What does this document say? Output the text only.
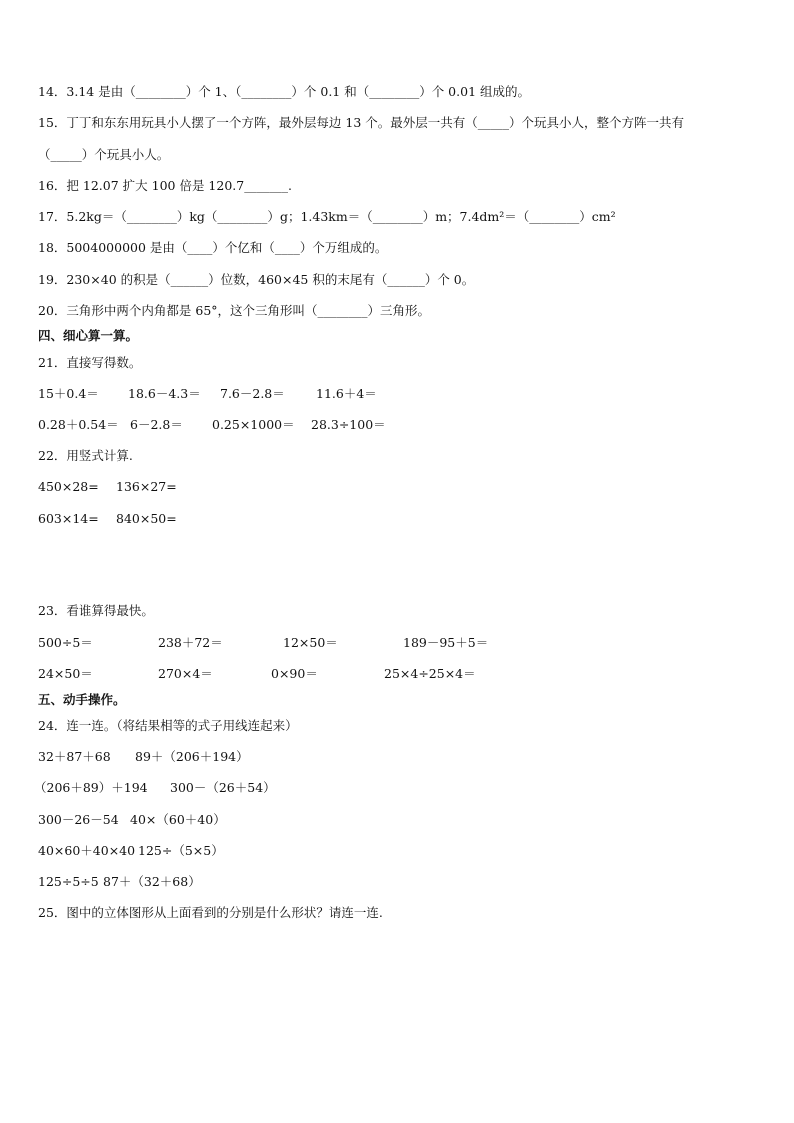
14．3.14 是由（________）个 1、（________）个 0.1 和（________）个 0.01 组成的。
15．丁丁和东东用玩具小人摆了一个方阵，最外层每边 13 个。最外层一共有（_____）个玩具小人，整个方阵一共有
（_____）个玩具小人。
16．把 12.07 扩大 100 倍是 120.7_______.
17．5.2kg＝（________）kg（________）g；1.43km＝（________）m；7.4dm²＝（________）cm²
18．5004000000 是由（____）个亿和（____）个万组成的。
19．230×40 的积是（______）位数，460×45 积的末尾有（______）个 0。
20．三角形中两个内角都是 65°，这个三角形叫（________）三角形。
四、细心算一算。
21．直接写得数。
15＋0.4＝ 18.6－4.3＝ 7.6－2.8＝ 11.6＋4＝
0.28＋0.54＝ 6－2.8＝ 0.25×1000＝ 28.3÷100＝
22．用竖式计算.
450×28= 136×27=
603×14= 840×50=
23．看谁算得最快。
500÷5＝	238＋72＝	12×50＝	189－95＋5＝
24×50＝	270×4＝	0×90＝	25×4÷25×4＝
五、动手操作。
24．连一连。（将结果相等的式子用线连起来）
32＋87＋68 89＋（206＋194）
（206＋89）＋194 300－（26＋54）
300－26－54 40×（60＋40）
40×60＋40×40 125÷（5×5）
125÷5÷5 87＋（32＋68）
25．图中的立体图形从上面看到的分别是什么形状？请连一连.
